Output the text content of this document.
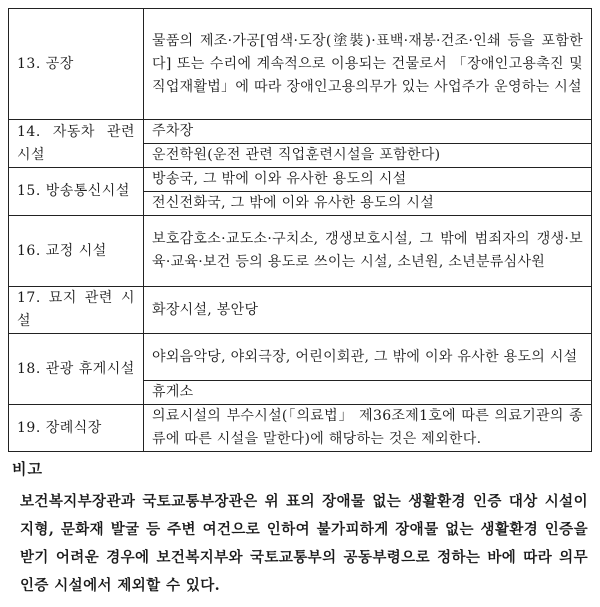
13. 공장	물품의 제조·가공[염색·도장(塗裝)·표백·재봉·건조·인쇄 등을 포함한다] 또는 수리에 계속적으로 이용되는 건물로서 「장애인고용촉진 및 직업재활법」에 따라 장애인고용의무가 있는 사업주가 운영하는 시설
14. 자동차 관련 시설	주차장
	운전학원(운전 관련 직업훈련시설을 포함한다)
15. 방송통신시설	방송국, 그 밖에 이와 유사한 용도의 시설
	전신전화국, 그 밖에 이와 유사한 용도의 시설
16. 교정 시설	보호감호소·교도소·구치소, 갱생보호시설, 그 밖에 범죄자의 갱생·보육·교육·보건 등의 용도로 쓰이는 시설, 소년원, 소년분류심사원
17. 묘지 관련 시설	화장시설, 봉안당
18. 관광 휴게시설	야외음악당, 야외극장, 어린이회관, 그 밖에 이와 유사한 용도의 시설
	휴게소
19. 장례식장	의료시설의 부수시설(「의료법」 제36조제1호에 따른 의료기관의 종류에 따른 시설을 말한다)에 해당하는 것은 제외한다.
비고
보건복지부장관과 국토교통부장관은 위 표의 장애물 없는 생활환경 인증 대상 시설이 지형, 문화재 발굴 등 주변 여건으로 인하여 불가피하게 장애물 없는 생활환경 인증을 받기 어려운 경우에 보건복지부와 국토교통부의 공동부령으로 정하는 바에 따라 의무 인증 시설에서 제외할 수 있다.
